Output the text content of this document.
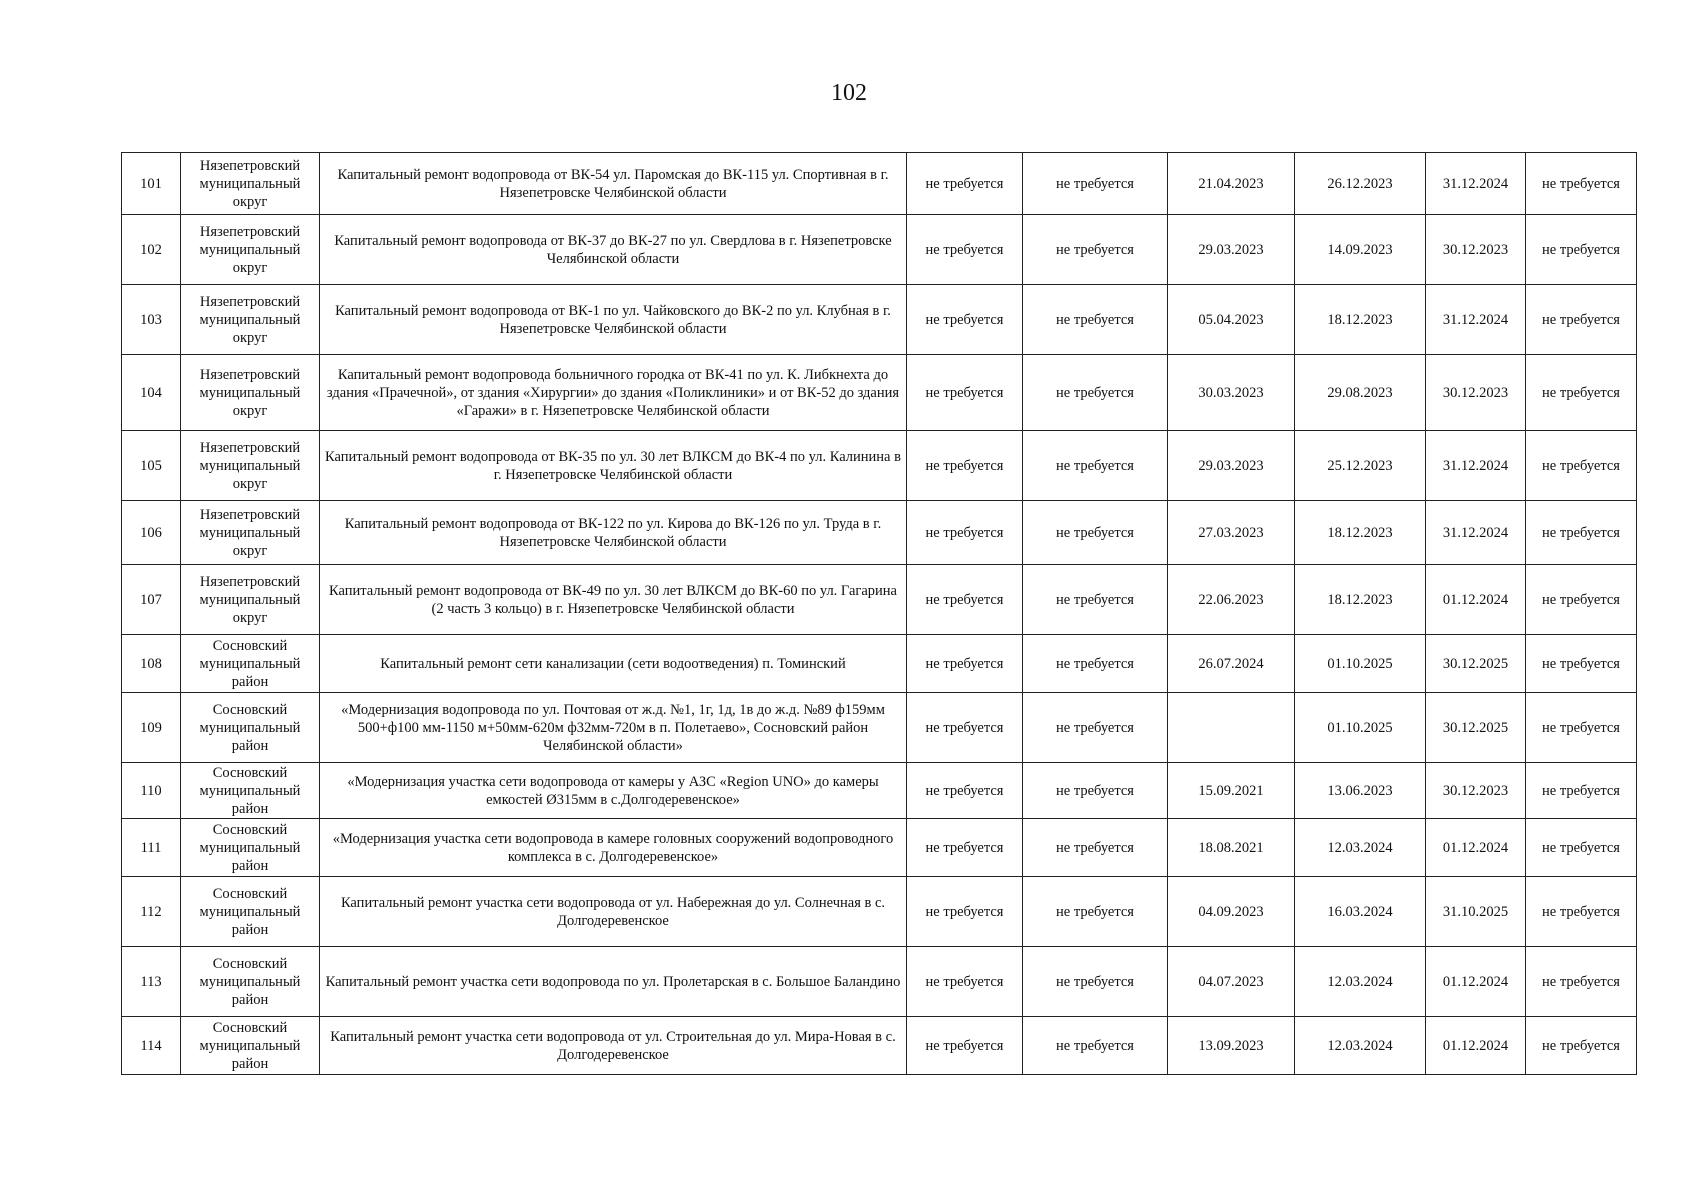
102
101	Нязепетровский муниципальный округ	Капитальный ремонт водопровода от ВК-54 ул. Паромская до ВК-115 ул. Спортивная в г. Нязепетровске Челябинской области	не требуется	не требуется	21.04.2023	26.12.2023	31.12.2024	не требуется
102	Нязепетровский муниципальный округ	Капитальный ремонт водопровода от ВК-37 до ВК-27 по ул. Свердлова в г. Нязепетровске Челябинской области	не требуется	не требуется	29.03.2023	14.09.2023	30.12.2023	не требуется
103	Нязепетровский муниципальный округ	Капитальный ремонт водопровода от ВК-1 по ул. Чайковского до ВК-2 по ул. Клубная в г. Нязепетровске Челябинской области	не требуется	не требуется	05.04.2023	18.12.2023	31.12.2024	не требуется
104	Нязепетровский муниципальный округ	Капитальный ремонт водопровода больничного городка от ВК-41 по ул. К. Либкнехта до здания «Прачечной», от здания «Хирургии» до здания «Поликлиники» и от ВК-52 до здания «Гаражи» в г. Нязепетровске Челябинской области	не требуется	не требуется	30.03.2023	29.08.2023	30.12.2023	не требуется
105	Нязепетровский муниципальный округ	Капитальный ремонт водопровода от ВК-35 по ул. 30 лет ВЛКСМ до ВК-4 по ул. Калинина в г. Нязепетровске Челябинской области	не требуется	не требуется	29.03.2023	25.12.2023	31.12.2024	не требуется
106	Нязепетровский муниципальный округ	Капитальный ремонт водопровода от ВК-122 по ул. Кирова до ВК-126 по ул. Труда в г. Нязепетровске Челябинской области	не требуется	не требуется	27.03.2023	18.12.2023	31.12.2024	не требуется
107	Нязепетровский муниципальный округ	Капитальный ремонт водопровода от ВК-49 по ул. 30 лет ВЛКСМ до ВК-60 по ул. Гагарина (2 часть 3 кольцо) в г. Нязепетровске Челябинской области	не требуется	не требуется	22.06.2023	18.12.2023	01.12.2024	не требуется
108	Сосновский муниципальный район	Капитальный ремонт сети канализации (сети водоотведения) п. Томинский	не требуется	не требуется	26.07.2024	01.10.2025	30.12.2025	не требуется
109	Сосновский муниципальный район	«Модернизация водопровода по ул. Почтовая от ж.д. №1, 1г, 1д, 1в до ж.д. №89 ф159мм 500+ф100 мм-1150 м+50мм-620м ф32мм-720м в п. Полетаево», Сосновский район Челябинской области»	не требуется	не требуется		01.10.2025	30.12.2025	не требуется
110	Сосновский муниципальный район	«Модернизация участка сети водопровода от камеры у АЗС «Region UNO» до камеры емкостей Ø315мм в с.Долгодеревенское»	не требуется	не требуется	15.09.2021	13.06.2023	30.12.2023	не требуется
111	Сосновский муниципальный район	«Модернизация участка сети водопровода в камере головных сооружений водопроводного комплекса в с. Долгодеревенское»	не требуется	не требуется	18.08.2021	12.03.2024	01.12.2024	не требуется
112	Сосновский муниципальный район	Капитальный ремонт участка сети водопровода от ул. Набережная до ул. Солнечная в с. Долгодеревенское	не требуется	не требуется	04.09.2023	16.03.2024	31.10.2025	не требуется
113	Сосновский муниципальный район	Капитальный ремонт участка сети водопровода по ул. Пролетарская в с. Большое Баландино	не требуется	не требуется	04.07.2023	12.03.2024	01.12.2024	не требуется
114	Сосновский муниципальный район	Капитальный ремонт участка сети водопровода от ул. Строительная до ул. Мира-Новая в с. Долгодеревенское	не требуется	не требуется	13.09.2023	12.03.2024	01.12.2024	не требуется
